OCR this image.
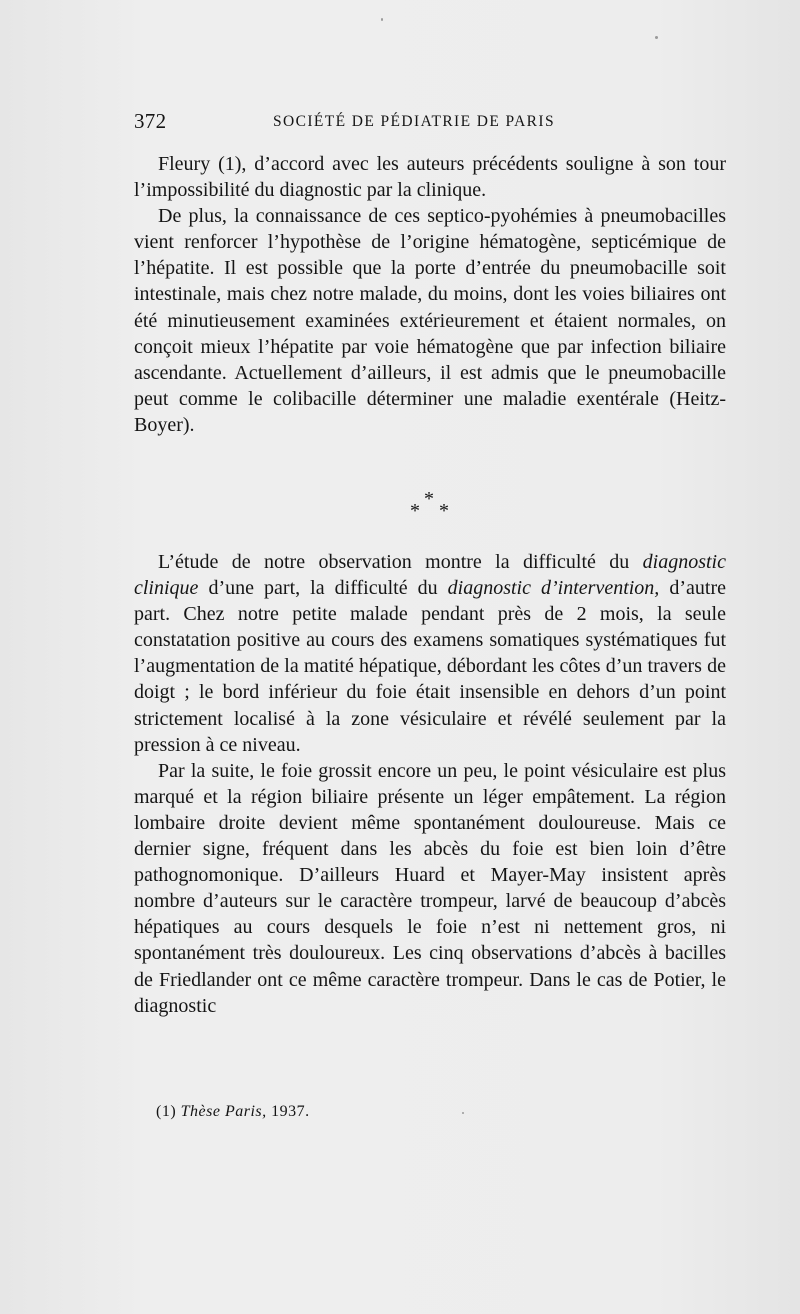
372	SOCIÉTÉ DE PÉDIATRIE DE PARIS

Fleury (1), d’accord avec les auteurs précédents souligne à son tour l’impossibilité du diagnostic par la clinique.

De plus, la connaissance de ces septico-pyohémies à pneumobacilles vient renforcer l’hypothèse de l’origine hématogène, septicémique de l’hépatite. Il est possible que la porte d’entrée du pneumobacille soit intestinale, mais chez notre malade, du moins, dont les voies biliaires ont été minutieusement examinées extérieurement et étaient normales, on conçoit mieux l’hépatite par voie hématogène que par infection biliaire ascendante. Actuellement d’ailleurs, il est admis que le pneumobacille peut comme le colibacille déterminer une maladie exentérale (Heitz-Boyer).

*
* *

L’étude de notre observation montre la difficulté du diagnostic clinique d’une part, la difficulté du diagnostic d’intervention, d’autre part. Chez notre petite malade pendant près de 2 mois, la seule constatation positive au cours des examens somatiques systématiques fut l’augmentation de la matité hépatique, débordant les côtes d’un travers de doigt ; le bord inférieur du foie était insensible en dehors d’un point strictement localisé à la zone vésiculaire et révélé seulement par la pression à ce niveau.

Par la suite, le foie grossit encore un peu, le point vésiculaire est plus marqué et la région biliaire présente un léger empâtement. La région lombaire droite devient même spontanément douloureuse. Mais ce dernier signe, fréquent dans les abcès du foie est bien loin d’être pathognomonique. D’ailleurs Huard et Mayer-May insistent après nombre d’auteurs sur le caractère trompeur, larvé de beaucoup d’abcès hépatiques au cours desquels le foie n’est ni nettement gros, ni spontanément très douloureux. Les cinq observations d’abcès à bacilles de Friedlander ont ce même caractère trompeur. Dans le cas de Potier, le diagnostic

(1) Thèse Paris, 1937.
